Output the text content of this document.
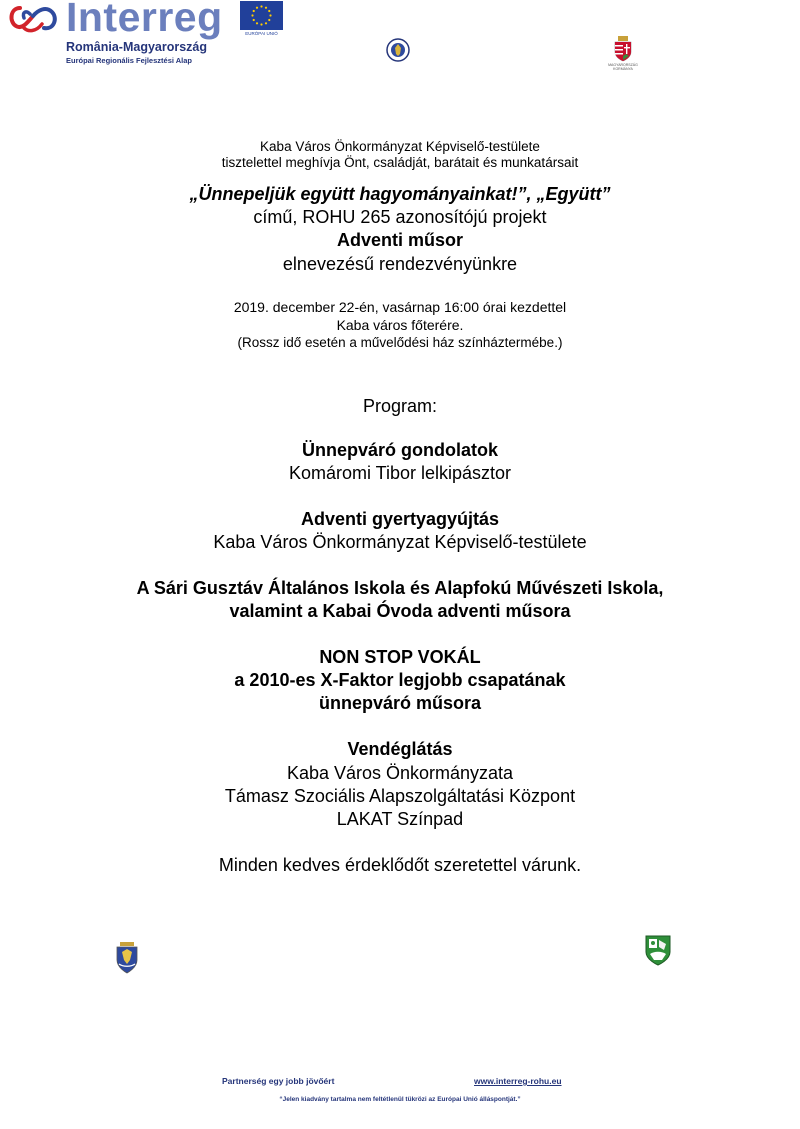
Interreg
România-Magyarország
Európai Regionális Fejlesztési Alap
EURÓPAI UNIÓ
MAGYARORSZÁG KORMÁNYA
Kaba Város Önkormányzat Képviselő-testülete
tisztelettel meghívja Önt, családját, barátait és munkatársait
„Ünnepeljük együtt hagyományainkat!”, „Együtt”
című, ROHU 265 azonosítójú projekt
Adventi műsor
elnevezésű rendezvényünkre
2019. december 22-én, vasárnap 16:00 órai kezdettel
Kaba város főterére.
(Rossz idő esetén a művelődési ház színháztermébe.)
Program:
Ünnepváró gondolatok
Komáromi Tibor lelkipásztor
Adventi gyertyagyújtás
Kaba Város Önkormányzat Képviselő-testülete
A Sári Gusztáv Általános Iskola és Alapfokú Művészeti Iskola,
valamint a Kabai Óvoda adventi műsora
NON STOP VOKÁL
a 2010-es X-Faktor legjobb csapatának
ünnepváró műsora
Vendéglátás
Kaba Város Önkormányzata
Támasz Szociális Alapszolgáltatási Központ
LAKAT Színpad
Minden kedves érdeklődőt szeretettel várunk.
Partnerség egy jobb jövőért	www.interreg-rohu.eu
“Jelen kiadvány tartalma nem feltétlenül tükrözi az Európai Unió álláspontját.”
